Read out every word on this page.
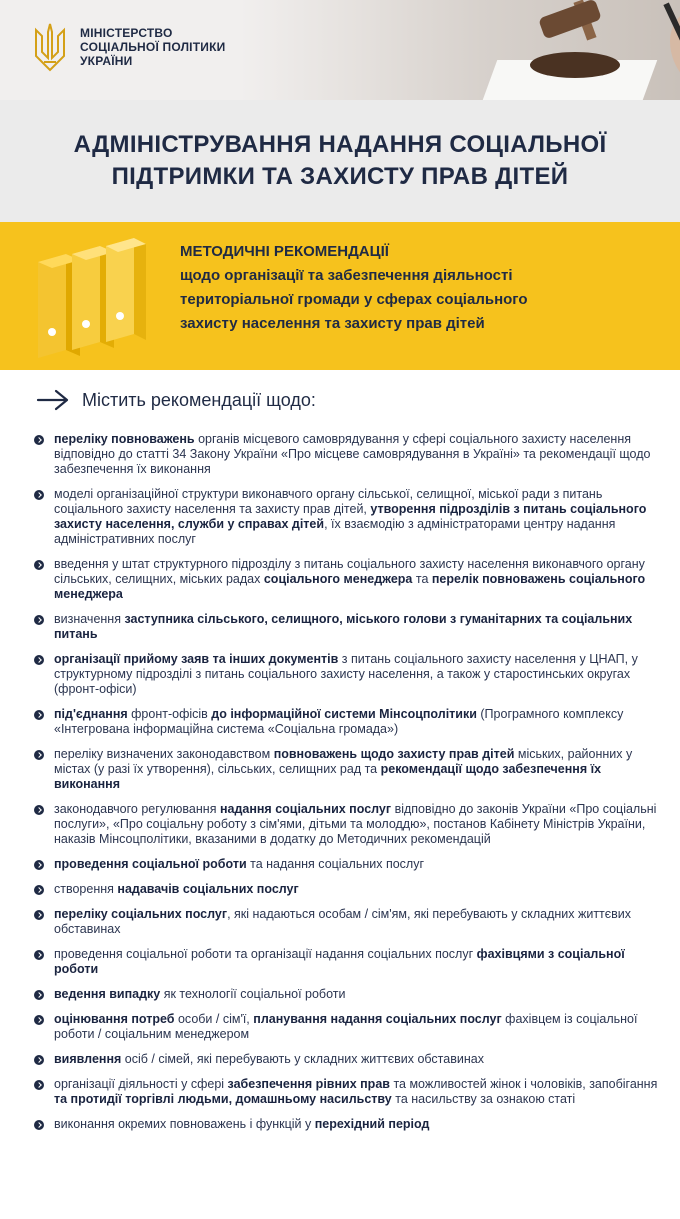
МІНІСТЕРСТВО
СОЦІАЛЬНОЇ ПОЛІТИКИ
УКРАЇНИ
АДМІНІСТРУВАННЯ НАДАННЯ СОЦІАЛЬНОЇ
ПІДТРИМКИ ТА ЗАХИСТУ ПРАВ ДІТЕЙ
МЕТОДИЧНІ РЕКОМЕНДАЦІЇ
щодо організації та забезпечення діяльності
територіальної громади у сферах соціального
захисту населення та захисту прав дітей
Містить рекомендації щодо:
переліку повноважень органів місцевого самоврядування у сфері соціального захисту населення відповідно до статті 34 Закону України «Про місцеве самоврядування в Україні» та рекомендації щодо забезпечення їх виконання
моделі організаційної структури виконавчого органу сільської, селищної, міської ради з питань соціального захисту населення та захисту прав дітей, утворення підрозділів з питань соціального захисту населення, служби у справах дітей, їх взаємодію з адміністраторами центру надання адміністративних послуг
введення у штат структурного підрозділу з питань соціального захисту населення виконавчого органу сільських, селищних, міських радах соціального менеджера та перелік повноважень соціального менеджера
визначення заступника сільського, селищного, міського голови з гуманітарних та соціальних питань
організації прийому заяв та інших документів з питань соціального захисту населення у ЦНАП, у структурному підрозділі з питань соціального захисту населення, а також у старостинських округах (фронт-офіси)
під'єднання фронт-офісів до інформаційної системи Мінсоцполітики (Програмного комплексу «Інтегрована інформаційна система «Соціальна громада»)
переліку визначених законодавством повноважень щодо захисту прав дітей міських, районних у містах (у разі їх утворення), сільських, селищних рад та рекомендації щодо забезпечення їх виконання
законодавчого регулювання надання соціальних послуг відповідно до законів України «Про соціальні послуги», «Про соціальну роботу з сім'ями, дітьми та молоддю», постанов Кабінету Міністрів України, наказів Мінсоцполітики, вказаними в додатку до Методичних рекомендацій
проведення соціальної роботи та надання соціальних послуг
створення надавачів соціальних послуг
переліку соціальних послуг, які надаються особам / сім'ям, які перебувають у складних життєвих обставинах
проведення соціальної роботи та організації надання соціальних послуг фахівцями з соціальної роботи
ведення випадку як технології соціальної роботи
оцінювання потреб особи / сім'ї, планування надання соціальних послуг фахівцем із соціальної роботи / соціальним менеджером
виявлення осіб / сімей, які перебувають у складних життєвих обставинах
організації діяльності у сфері забезпечення рівних прав та можливостей жінок і чоловіків, запобігання та протидії торгівлі людьми, домашньому насильству та насильству за ознакою статі
виконання окремих повноважень і функцій у перехідний період
